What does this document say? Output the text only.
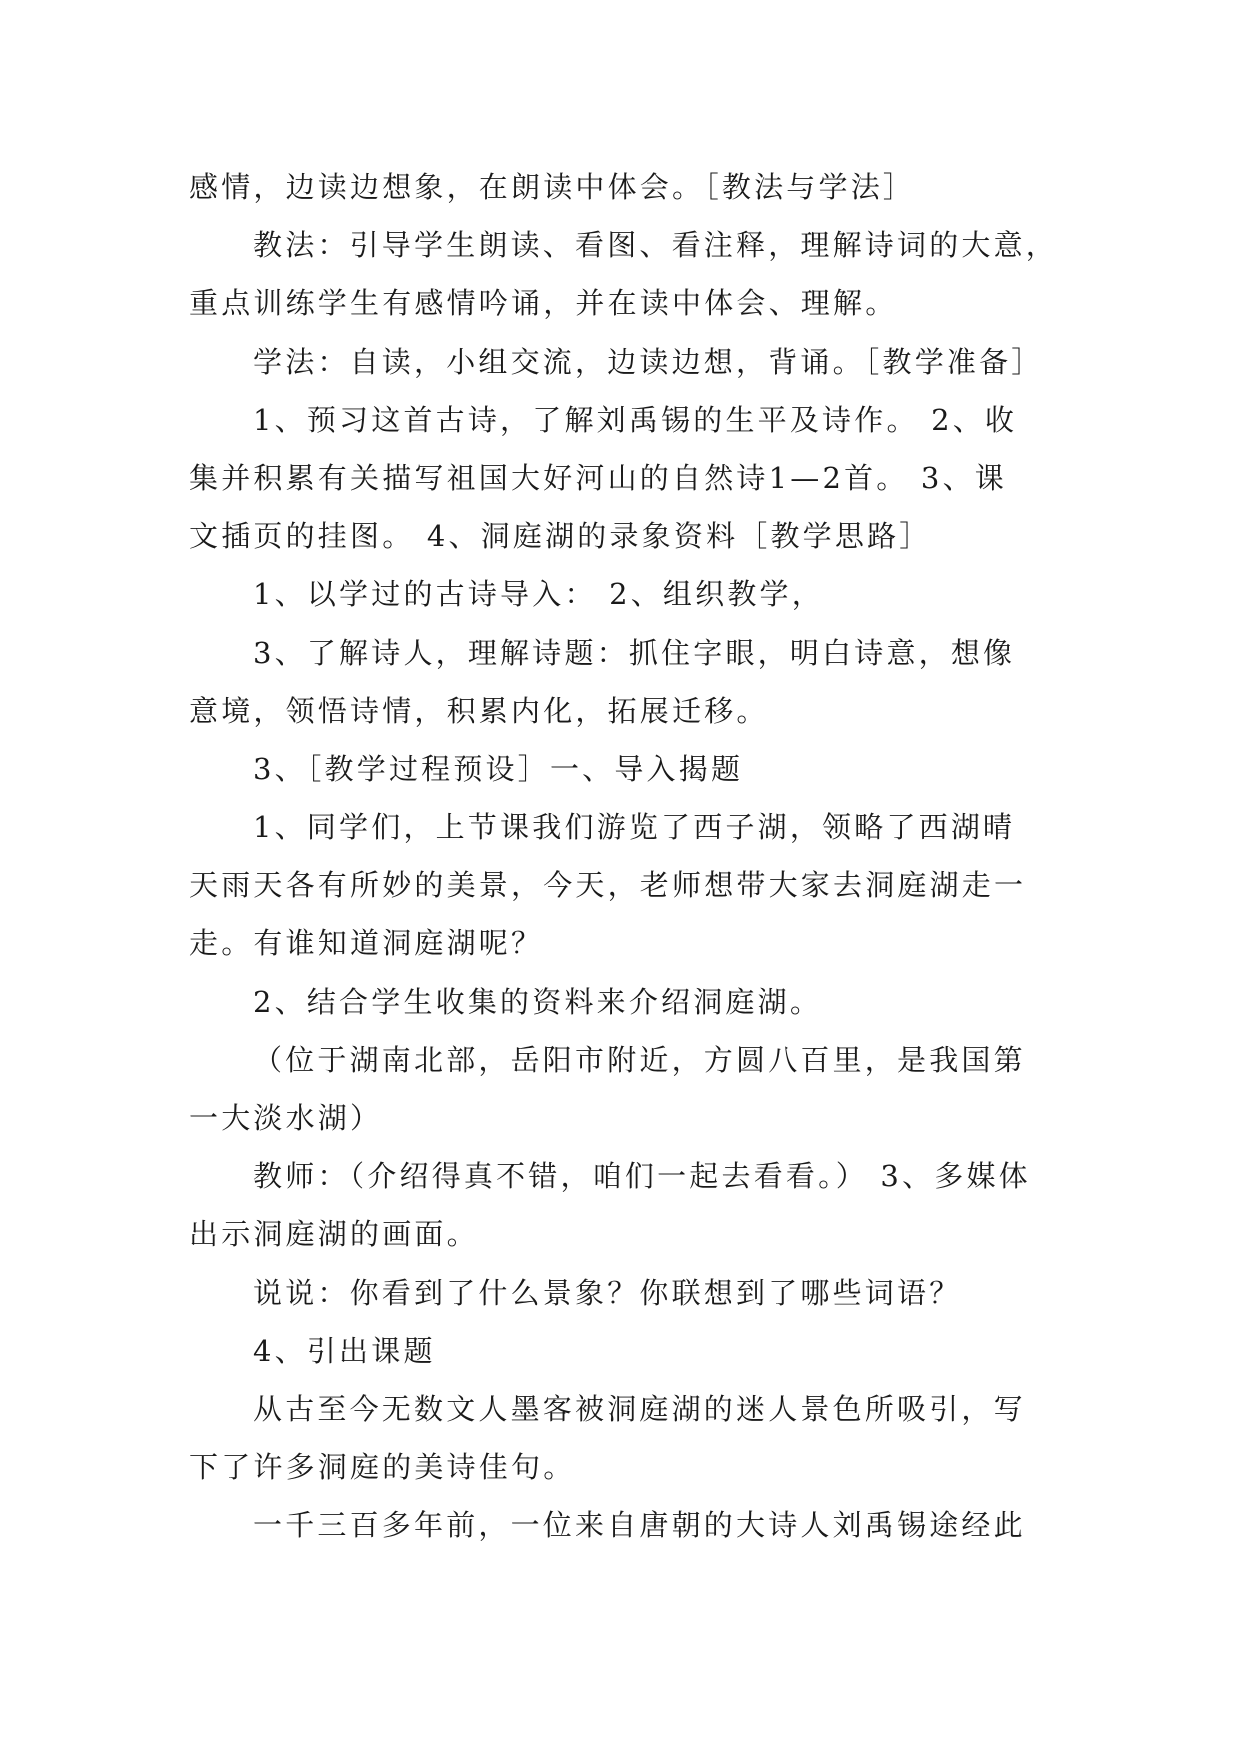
感情，边读边想象，在朗读中体会。［教法与学法］
教法：引导学生朗读、看图、看注释，理解诗词的大意，
重点训练学生有感情吟诵，并在读中体会、理解。
学法：自读，小组交流，边读边想，背诵。［教学准备］
1、预习这首古诗，了解刘禹锡的生平及诗作。 2、收
集并积累有关描写祖国大好河山的自然诗1—2首。 3、课
文插页的挂图。 4、洞庭湖的录象资料［教学思路］
1、以学过的古诗导入： 2、组织教学，
3、了解诗人，理解诗题：抓住字眼，明白诗意，想像
意境，领悟诗情，积累内化，拓展迁移。
3、［教学过程预设］一、导入揭题
1、同学们，上节课我们游览了西子湖，领略了西湖晴
天雨天各有所妙的美景，今天，老师想带大家去洞庭湖走一
走。有谁知道洞庭湖呢？
2、结合学生收集的资料来介绍洞庭湖。
（位于湖南北部，岳阳市附近，方圆八百里，是我国第
一大淡水湖）
教师：（介绍得真不错，咱们一起去看看。） 3、多媒体
出示洞庭湖的画面。
说说：你看到了什么景象？你联想到了哪些词语？
4、引出课题
从古至今无数文人墨客被洞庭湖的迷人景色所吸引，写
下了许多洞庭的美诗佳句。
一千三百多年前，一位来自唐朝的大诗人刘禹锡途经此
